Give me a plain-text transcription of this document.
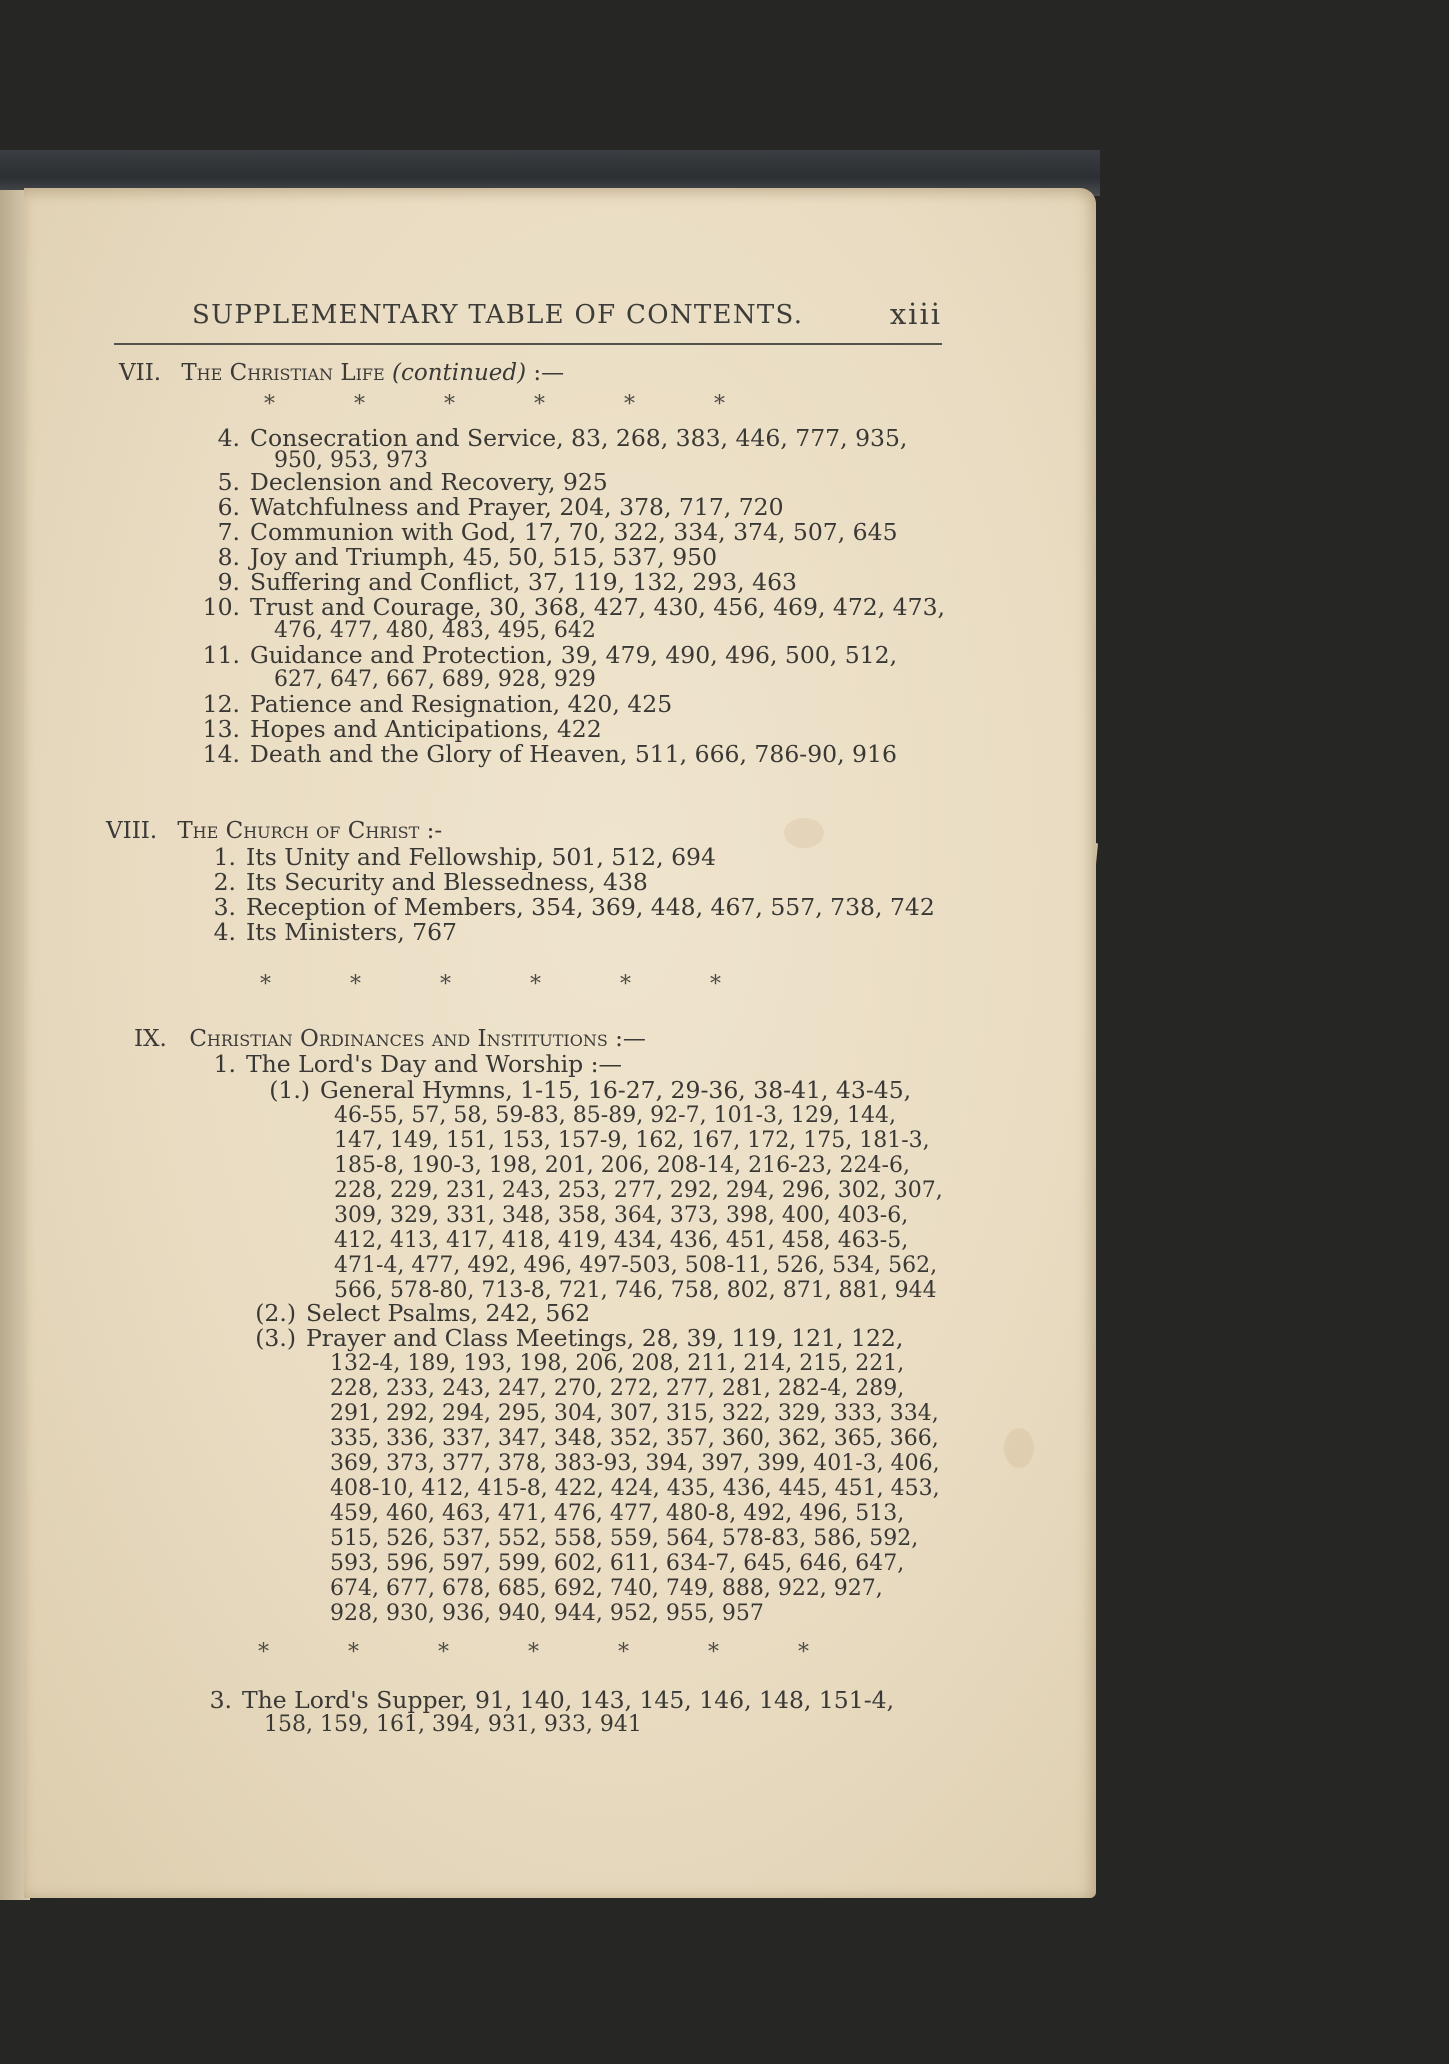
SUPPLEMENTARY TABLE OF CONTENTS.	xiii
VII. The Christian Life (continued) :—
*	*	*	*	*	*
4. Consecration and Service, 83, 268, 383, 446, 777, 935,
950, 953, 973
5. Declension and Recovery, 925
6. Watchfulness and Prayer, 204, 378, 717, 720
7. Communion with God, 17, 70, 322, 334, 374, 507, 645
8. Joy and Triumph, 45, 50, 515, 537, 950
9. Suffering and Conflict, 37, 119, 132, 293, 463
10. Trust and Courage, 30, 368, 427, 430, 456, 469, 472, 473,
476, 477, 480, 483, 495, 642
11. Guidance and Protection, 39, 479, 490, 496, 500, 512,
627, 647, 667, 689, 928, 929
12. Patience and Resignation, 420, 425
13. Hopes and Anticipations, 422
14. Death and the Glory of Heaven, 511, 666, 786-90, 916
VIII. The Church of Christ :-
1. Its Unity and Fellowship, 501, 512, 694
2. Its Security and Blessedness, 438
3. Reception of Members, 354, 369, 448, 467, 557, 738, 742
4. Its Ministers, 767
*	*	*	*	*	*
IX. Christian Ordinances and Institutions :—
1. The Lord's Day and Worship :—
(1.) General Hymns, 1-15, 16-27, 29-36, 38-41, 43-45,
46-55, 57, 58, 59-83, 85-89, 92-7, 101-3, 129, 144,
147, 149, 151, 153, 157-9, 162, 167, 172, 175, 181-3,
185-8, 190-3, 198, 201, 206, 208-14, 216-23, 224-6,
228, 229, 231, 243, 253, 277, 292, 294, 296, 302, 307,
309, 329, 331, 348, 358, 364, 373, 398, 400, 403-6,
412, 413, 417, 418, 419, 434, 436, 451, 458, 463-5,
471-4, 477, 492, 496, 497-503, 508-11, 526, 534, 562,
566, 578-80, 713-8, 721, 746, 758, 802, 871, 881, 944
(2.) Select Psalms, 242, 562
(3.) Prayer and Class Meetings, 28, 39, 119, 121, 122,
132-4, 189, 193, 198, 206, 208, 211, 214, 215, 221,
228, 233, 243, 247, 270, 272, 277, 281, 282-4, 289,
291, 292, 294, 295, 304, 307, 315, 322, 329, 333, 334,
335, 336, 337, 347, 348, 352, 357, 360, 362, 365, 366,
369, 373, 377, 378, 383-93, 394, 397, 399, 401-3, 406,
408-10, 412, 415-8, 422, 424, 435, 436, 445, 451, 453,
459, 460, 463, 471, 476, 477, 480-8, 492, 496, 513,
515, 526, 537, 552, 558, 559, 564, 578-83, 586, 592,
593, 596, 597, 599, 602, 611, 634-7, 645, 646, 647,
674, 677, 678, 685, 692, 740, 749, 888, 922, 927,
928, 930, 936, 940, 944, 952, 955, 957
*	*	*	*	*	*	*
3. The Lord's Supper, 91, 140, 143, 145, 146, 148, 151-4,
158, 159, 161, 394, 931, 933, 941
